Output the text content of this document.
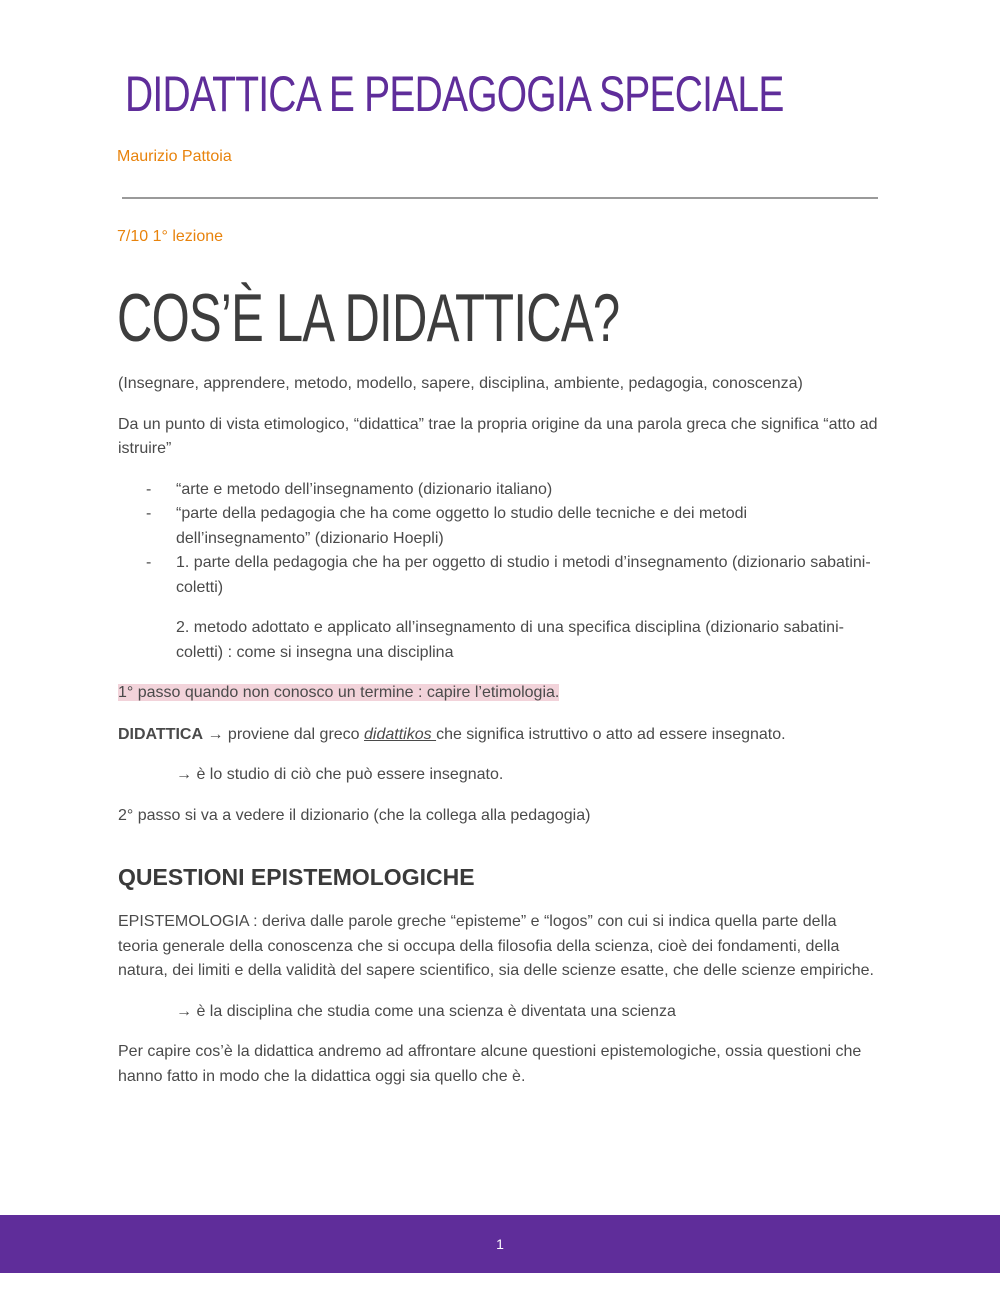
DIDATTICA E PEDAGOGIA SPECIALE
Maurizio Pattoia
7/10 1° lezione
COS’È LA DIDATTICA?

(Insegnare, apprendere, metodo, modello, sapere, disciplina, ambiente, pedagogia, conoscenza)

Da un punto di vista etimologico, “didattica” trae la propria origine da una parola greca che significa “atto ad istruire”

- “arte e metodo dell’insegnamento (dizionario italiano)
- “parte della pedagogia che ha come oggetto lo studio delle tecniche e dei metodi dell’insegnamento” (dizionario Hoepli)
- 1. parte della pedagogia che ha per oggetto di studio i metodi d’insegnamento (dizionario sabatini-coletti)

2. metodo adottato e applicato all’insegnamento di una specifica disciplina (dizionario sabatini-coletti) : come si insegna una disciplina

1° passo quando non conosco un termine : capire l’etimologia.

DIDATTICA → proviene dal greco didattikos che significa istruttivo o atto ad essere insegnato.

→ è lo studio di ciò che può essere insegnato.

2° passo si va a vedere il dizionario (che la collega alla pedagogia)

QUESTIONI EPISTEMOLOGICHE

EPISTEMOLOGIA : deriva dalle parole greche “episteme” e “logos” con cui si indica quella parte della teoria generale della conoscenza che si occupa della filosofia della scienza, cioè dei fondamenti, della natura, dei limiti e della validità del sapere scientifico, sia delle scienze esatte, che delle scienze empiriche.

→ è la disciplina che studia come una scienza è diventata una scienza

Per capire cos’è la didattica andremo ad affrontare alcune questioni epistemologiche, ossia questioni che hanno fatto in modo che la didattica oggi sia quello che è.

1
